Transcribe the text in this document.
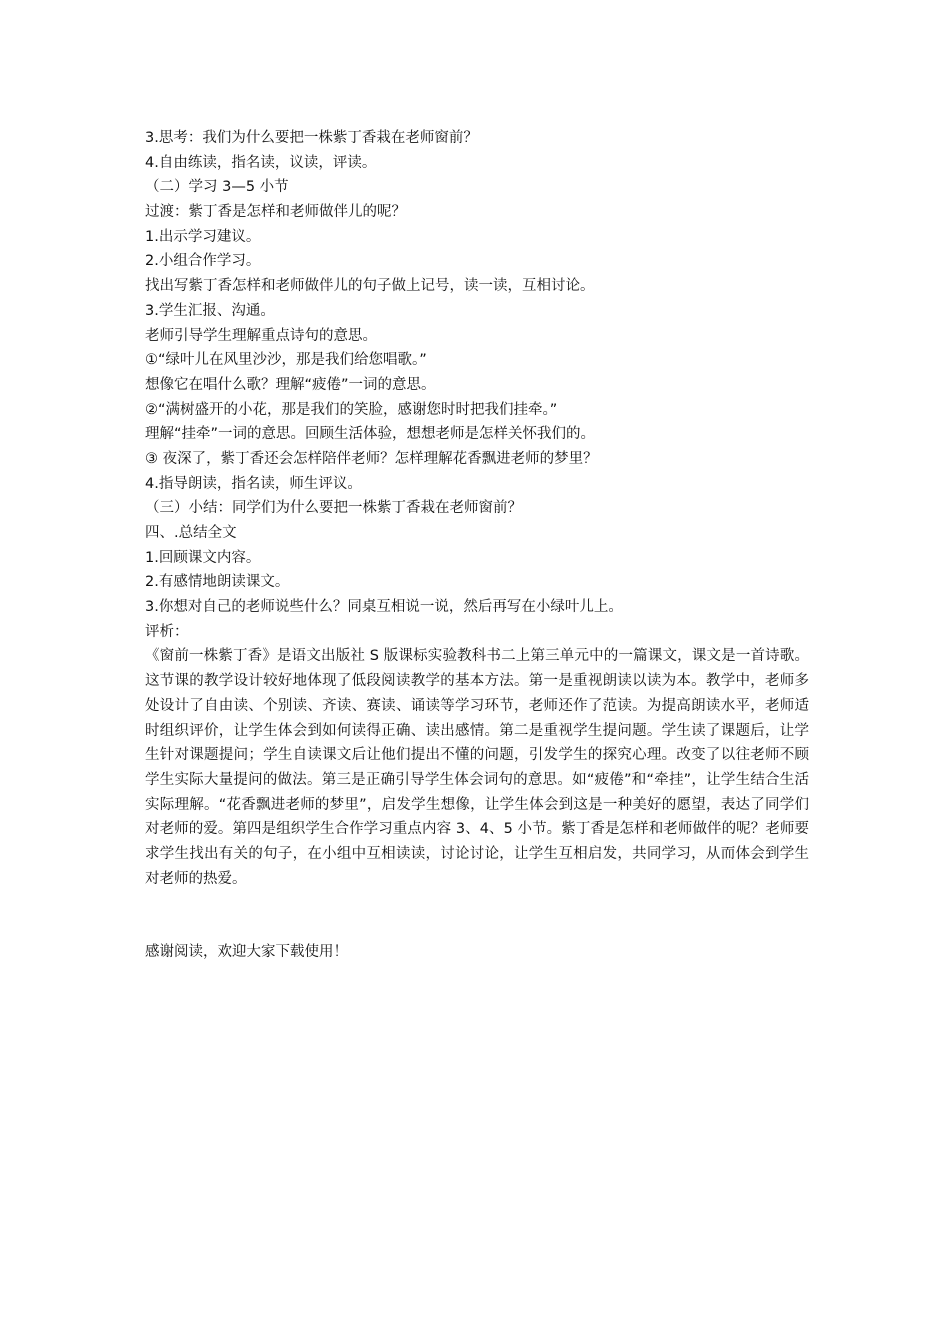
3.思考：我们为什么要把一株紫丁香栽在老师窗前？
4.自由练读，指名读，议读，评读。
（二）学习 3—5 小节
过渡：紫丁香是怎样和老师做伴儿的呢？
1.出示学习建议。
2.小组合作学习。
找出写紫丁香怎样和老师做伴儿的句子做上记号，读一读，互相讨论。
3.学生汇报、沟通。
老师引导学生理解重点诗句的意思。
①“绿叶儿在风里沙沙，那是我们给您唱歌。”
想像它在唱什么歌？理解“疲倦”一词的意思。
②“满树盛开的小花，那是我们的笑脸，感谢您时时把我们挂牵。”
理解“挂牵”一词的意思。回顾生活体验，想想老师是怎样关怀我们的。
③ 夜深了，紫丁香还会怎样陪伴老师？怎样理解花香飘进老师的梦里？
4.指导朗读，指名读，师生评议。
（三）小结：同学们为什么要把一株紫丁香栽在老师窗前？
四、.总结全文
1.回顾课文内容。
2.有感情地朗读课文。
3.你想对自己的老师说些什么？同桌互相说一说，然后再写在小绿叶儿上。
评析：

《窗前一株紫丁香》是语文出版社 S 版课标实验教科书二上第三单元中的一篇课文，课文是一首诗歌。这节课的教学设计较好地体现了低段阅读教学的基本方法。第一是重视朗读以读为本。教学中，老师多处设计了自由读、个别读、齐读、赛读、诵读等学习环节，老师还作了范读。为提高朗读水平，老师适时组织评价，让学生体会到如何读得正确、读出感情。第二是重视学生提问题。学生读了课题后，让学生针对课题提问；学生自读课文后让他们提出不懂的问题，引发学生的探究心理。改变了以往老师不顾学生实际大量提问的做法。第三是正确引导学生体会词句的意思。如“疲倦”和“牵挂”，让学生结合生活实际理解。“花香飘进老师的梦里”，启发学生想像，让学生体会到这是一种美好的愿望，表达了同学们对老师的爱。第四是组织学生合作学习重点内容 3、4、5 小节。紫丁香是怎样和老师做伴的呢？老师要求学生找出有关的句子，在小组中互相读读，讨论讨论，让学生互相启发，共同学习，从而体会到学生对老师的热爱。

感谢阅读，欢迎大家下载使用！
